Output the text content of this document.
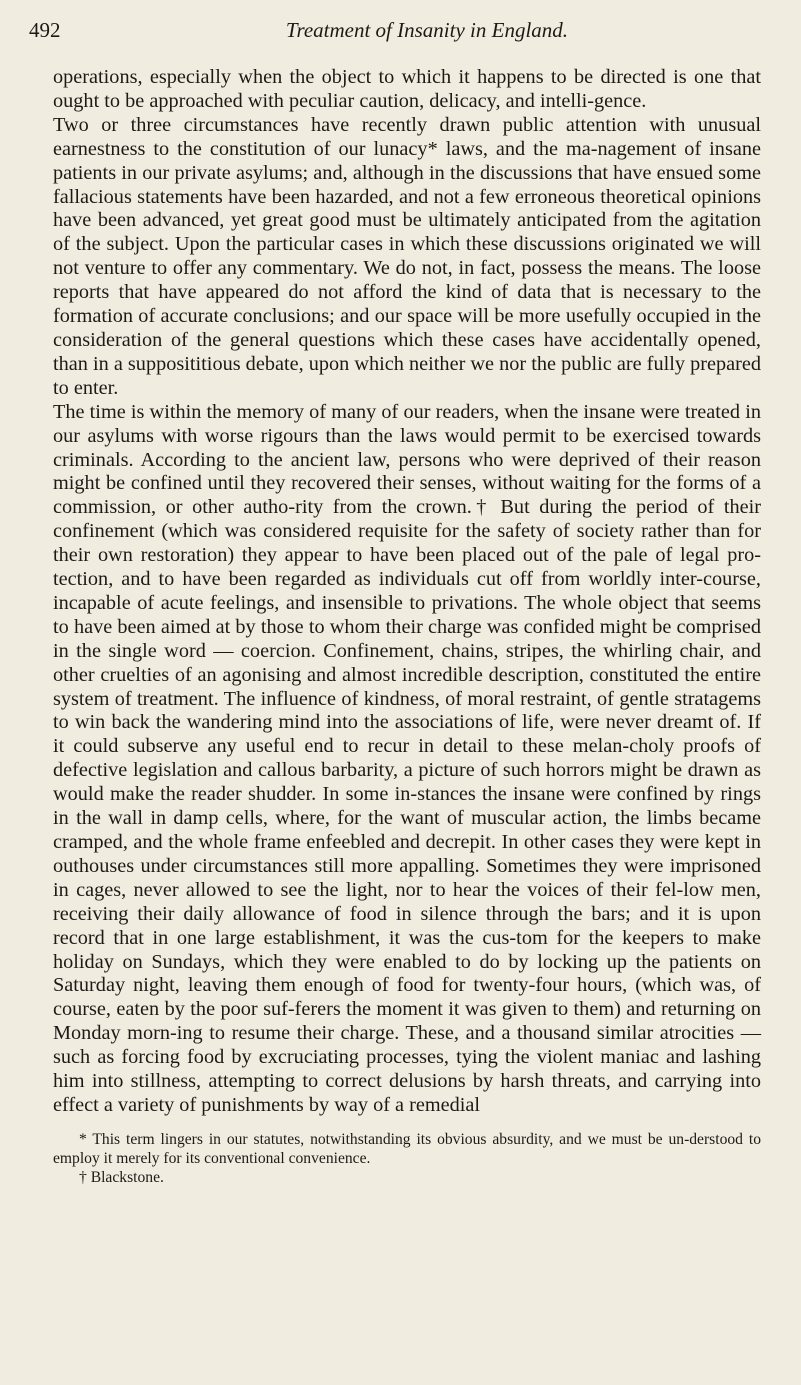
492	Treatment of Insanity in England.

operations, especially when the object to which it happens to be directed is one that ought to be approached with peculiar caution, delicacy, and intelli-gence.

Two or three circumstances have recently drawn public attention with unusual earnestness to the constitution of our lunacy* laws, and the ma-nagement of insane patients in our private asylums; and, although in the discussions that have ensued some fallacious statements have been hazarded, and not a few erroneous theoretical opinions have been advanced, yet great good must be ultimately anticipated from the agitation of the subject. Upon the particular cases in which these discussions originated we will not venture to offer any commentary. We do not, in fact, possess the means. The loose reports that have appeared do not afford the kind of data that is necessary to the formation of accurate conclusions; and our space will be more usefully occupied in the consideration of the general questions which these cases have accidentally opened, than in a supposititious debate, upon which neither we nor the public are fully prepared to enter.

The time is within the memory of many of our readers, when the insane were treated in our asylums with worse rigours than the laws would permit to be exercised towards criminals. According to the ancient law, persons who were deprived of their reason might be confined until they recovered their senses, without waiting for the forms of a commission, or other autho-rity from the crown.† But during the period of their confinement (which was considered requisite for the safety of society rather than for their own restoration) they appear to have been placed out of the pale of legal pro-tection, and to have been regarded as individuals cut off from worldly inter-course, incapable of acute feelings, and insensible to privations. The whole object that seems to have been aimed at by those to whom their charge was confided might be comprised in the single word — coercion. Confinement, chains, stripes, the whirling chair, and other cruelties of an agonising and almost incredible description, constituted the entire system of treatment. The influence of kindness, of moral restraint, of gentle stratagems to win back the wandering mind into the associations of life, were never dreamt of. If it could subserve any useful end to recur in detail to these melan-choly proofs of defective legislation and callous barbarity, a picture of such horrors might be drawn as would make the reader shudder. In some in-stances the insane were confined by rings in the wall in damp cells, where, for the want of muscular action, the limbs became cramped, and the whole frame enfeebled and decrepit. In other cases they were kept in outhouses under circumstances still more appalling. Sometimes they were imprisoned in cages, never allowed to see the light, nor to hear the voices of their fel-low men, receiving their daily allowance of food in silence through the bars; and it is upon record that in one large establishment, it was the cus-tom for the keepers to make holiday on Sundays, which they were enabled to do by locking up the patients on Saturday night, leaving them enough of food for twenty-four hours, (which was, of course, eaten by the poor suf-ferers the moment it was given to them) and returning on Monday morn-ing to resume their charge. These, and a thousand similar atrocities — such as forcing food by excruciating processes, tying the violent maniac and lashing him into stillness, attempting to correct delusions by harsh threats, and carrying into effect a variety of punishments by way of a remedial

* This term lingers in our statutes, notwithstanding its obvious absurdity, and we must be un-derstood to employ it merely for its conventional convenience.

† Blackstone.
